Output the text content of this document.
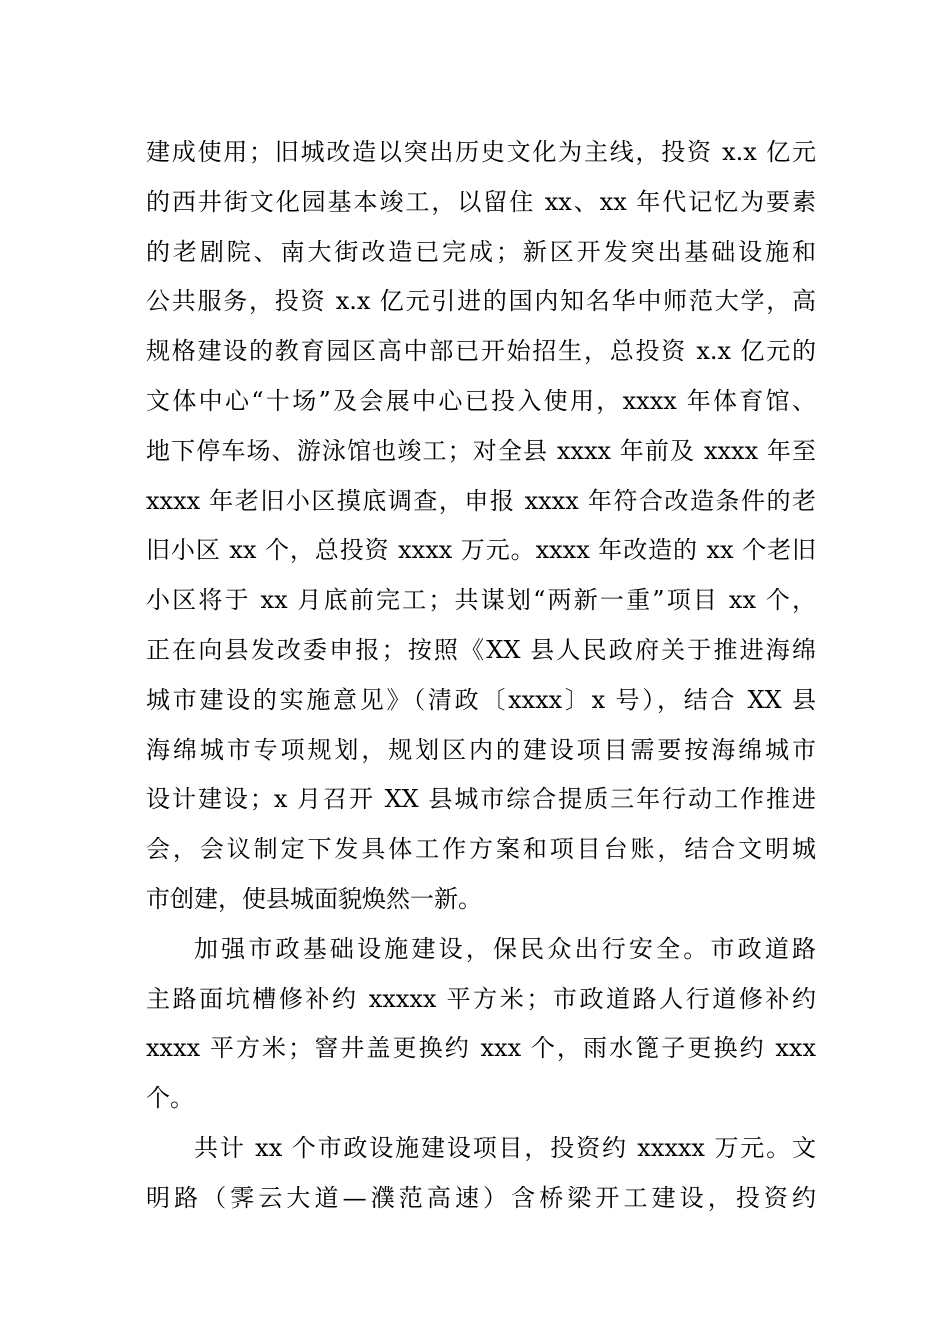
建成使用；旧城改造以突出历史文化为主线，投资 x.x 亿元
的西井街文化园基本竣工，以留住 xx、xx 年代记忆为要素
的老剧院、南大街改造已完成；新区开发突出基础设施和
公共服务，投资 x.x 亿元引进的国内知名华中师范大学，高
规格建设的教育园区高中部已开始招生，总投资 x.x 亿元的
文体中心“十场”及会展中心已投入使用，xxxx 年体育馆、
地下停车场、游泳馆也竣工；对全县 xxxx 年前及 xxxx 年至
xxxx 年老旧小区摸底调查，申报 xxxx 年符合改造条件的老
旧小区 xx 个，总投资 xxxx 万元。xxxx 年改造的 xx 个老旧
小区将于 xx 月底前完工；共谋划“两新一重”项目 xx 个，
正在向县发改委申报；按照《XX 县人民政府关于推进海绵
城市建设的实施意见》（清政〔xxxx〕x 号），结合 XX 县
海绵城市专项规划，规划区内的建设项目需要按海绵城市
设计建设；x 月召开 XX 县城市综合提质三年行动工作推进
会，会议制定下发具体工作方案和项目台账，结合文明城
市创建，使县城面貌焕然一新。
加强市政基础设施建设，保民众出行安全。市政道路
主路面坑槽修补约 xxxxx 平方米；市政道路人行道修补约
xxxx 平方米；窨井盖更换约 xxx 个，雨水篦子更换约 xxx
个。
共计 xx 个市政设施建设项目，投资约 xxxxx 万元。文
明路（霁云大道—濮范高速）含桥梁开工建设，投资约
